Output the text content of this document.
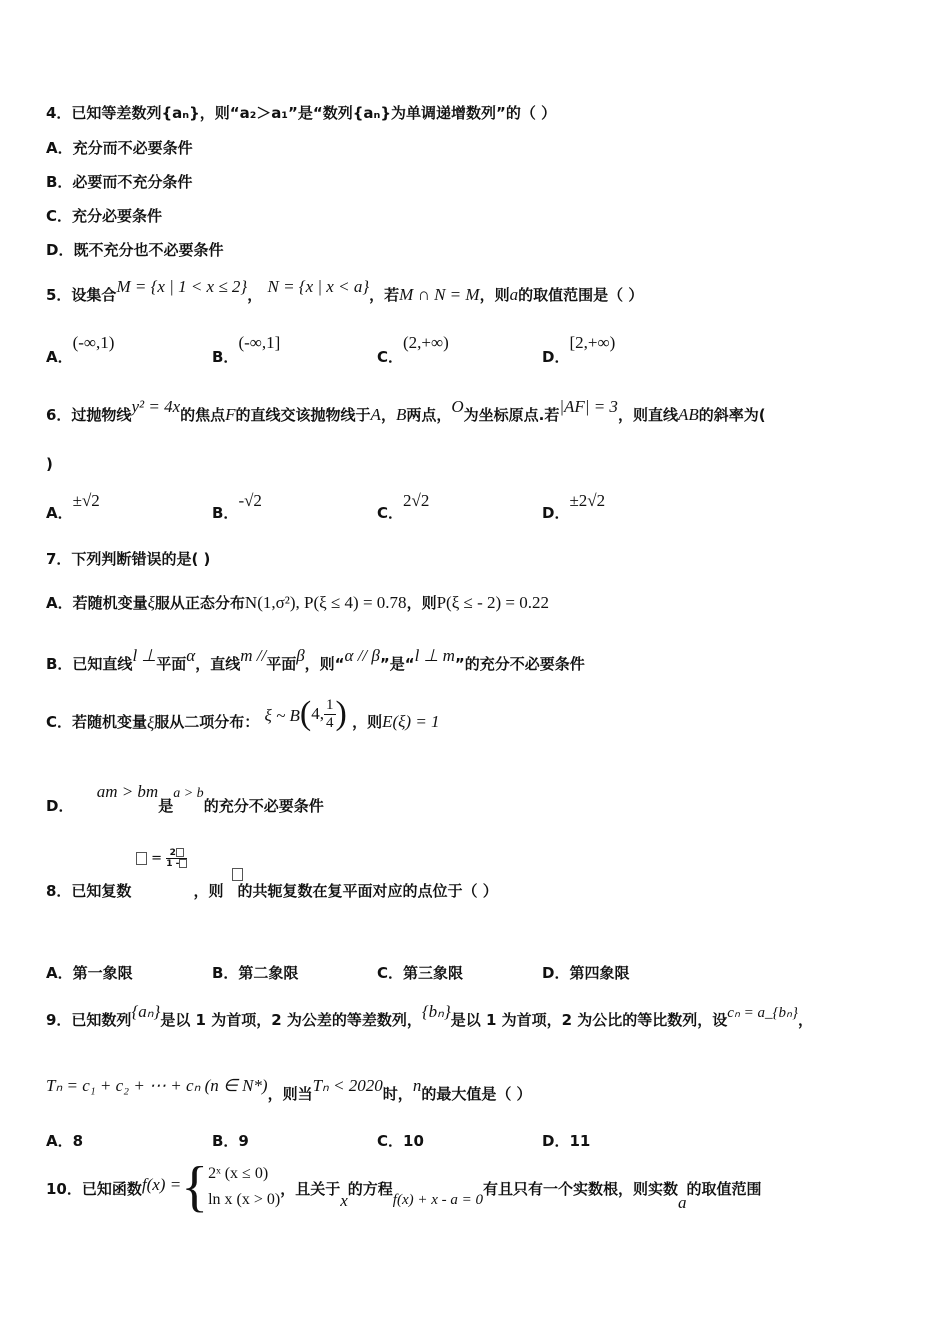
4．已知等差数列{aₙ}，则“a₂＞a₁”是“数列{aₙ}为单调递增数列”的（ ）
A．充分而不必要条件
B．必要而不充分条件
C．充分必要条件
D．既不充分也不必要条件
5．设集合M = {x | 1 < x ≤ 2}， N = {x | x < a}，若M ∩ N = M，则a的取值范围是（ ）
A．(-∞,1)
B．(-∞,1]
C．(2,+∞)
D．[2,+∞)
6．过抛物线y² = 4x的焦点F的直线交该抛物线于A，B两点，O为坐标原点.若|AF| = 3，则直线AB的斜率为(
)
A．±√2
B．-√2
C．2√2
D．±2√2
7．下列判断错误的是( )
A．若随机变量ξ服从正态分布N(1,σ²), P(ξ ≤ 4) = 0.78，则P(ξ ≤ - 2) = 0.22
B．已知直线l ⊥平面α，直线m //平面β，则“α // β”是“l ⊥ m”的充分不必要条件
C．若随机变量ξ服从二项分布： ξ ~ B(4, $\frac{1}{4}$ ) ，则E(ξ) = 1
D． am > bm是a > b的充分不必要条件
= $\frac{2}{1 -}$
8．已知复数	，则 的共轭复数在复平面对应的点位于（ ）
A．第一象限	B．第二象限	C．第三象限	D．第四象限
9．已知数列{aₙ}是以 1 为首项，2 为公差的等差数列，{bₙ}是以 1 为首项，2 为公比的等比数列，设cₙ = a_{bₙ}，
Tₙ = c₁ + c₂ + ⋯ + cₙ (n ∈ N*)，则当Tₙ < 2020时，n的最大值是（ ）
A．8	B．9	C．10	D．11
10．已知函数f(x) ={ 2ˣ (x ≤ 0)
ln x (x > 0)
，且关于x的方程f(x) + x - a = 0有且只有一个实数根，则实数a的取值范围
